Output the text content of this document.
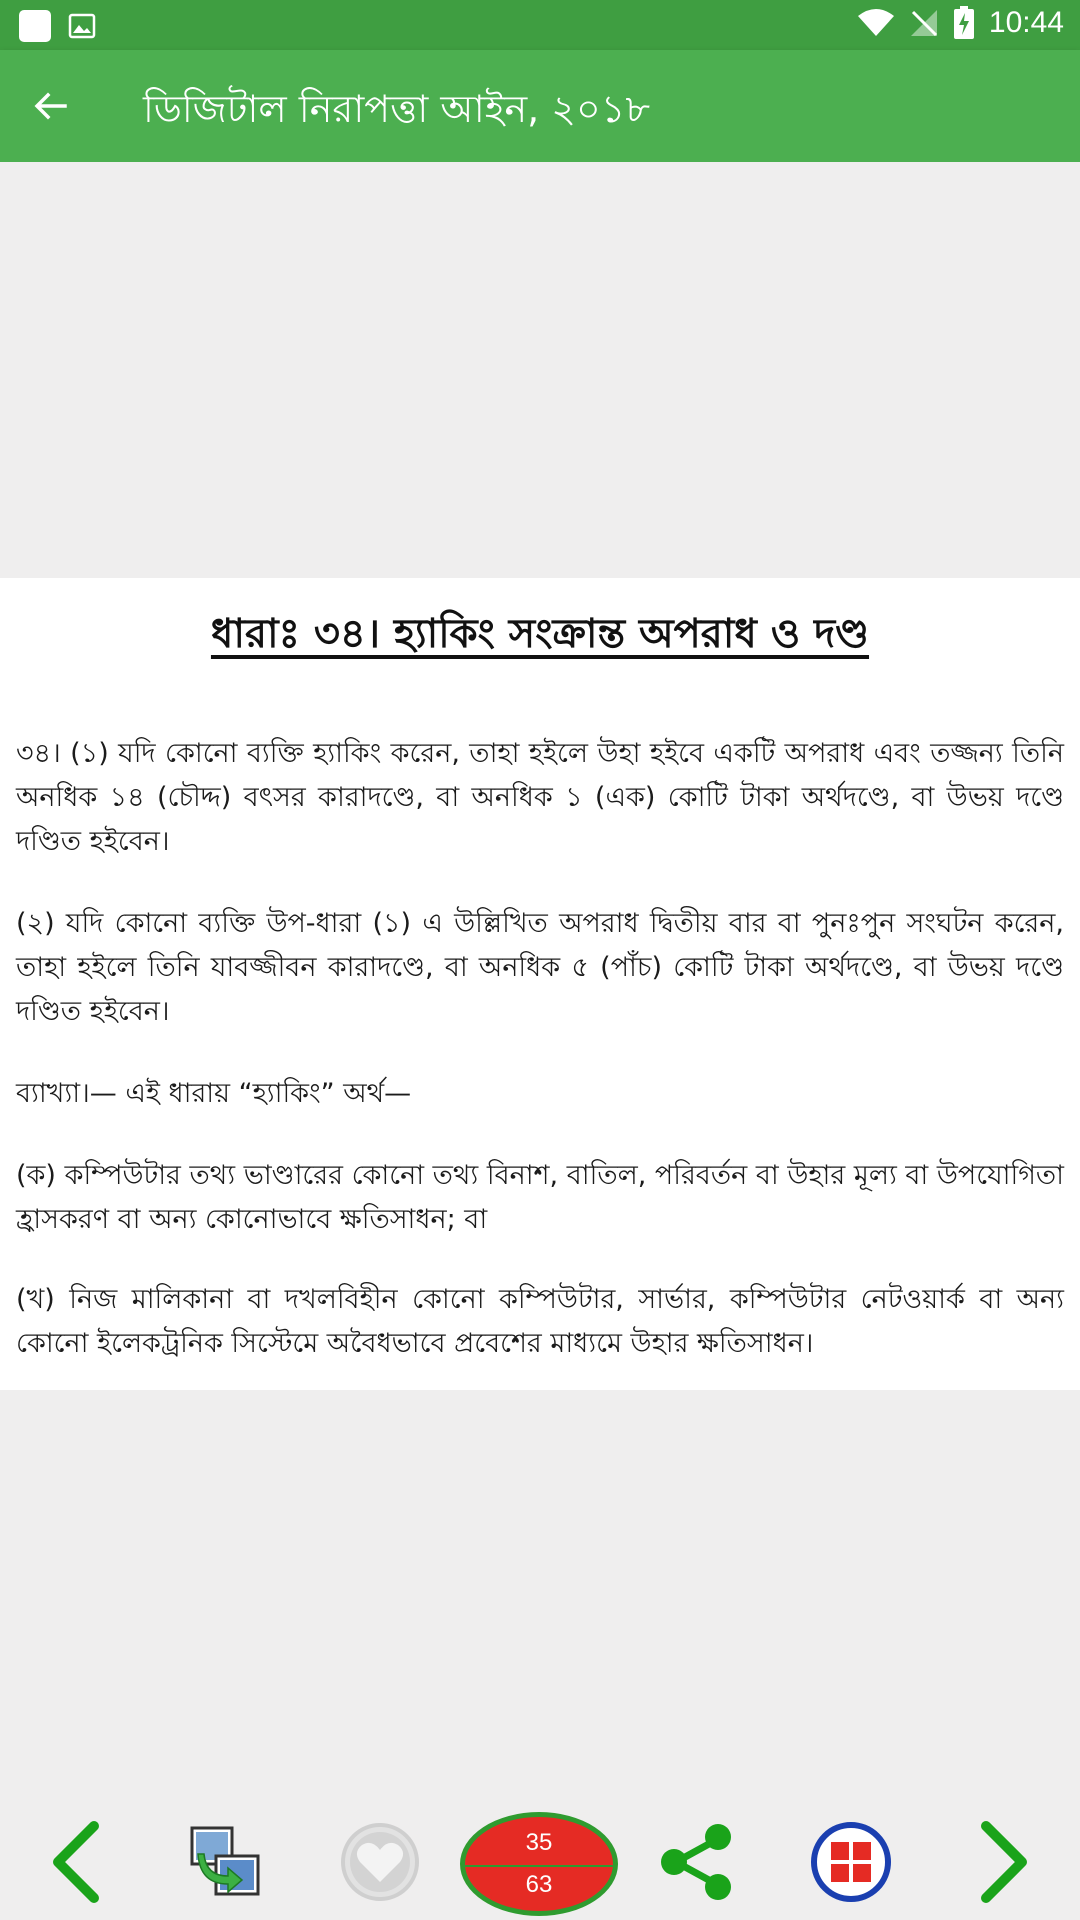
10:44
ডিজিটাল নিরাপত্তা আইন, ২০১৮
ধারাঃ ৩৪। হ্যাকিং সংক্রান্ত অপরাধ ও দণ্ড

৩৪। (১) যদি কোনো ব্যক্তি হ্যাকিং করেন, তাহা হইলে উহা হইবে একটি অপরাধ এবং তজ্জন্য তিনি অনধিক ১৪ (চৌদ্দ) বৎসর কারাদণ্ডে, বা অনধিক ১ (এক) কোটি টাকা অর্থদণ্ডে, বা উভয় দণ্ডে দণ্ডিত হইবেন।

(২) যদি কোনো ব্যক্তি উপ-ধারা (১) এ উল্লিখিত অপরাধ দ্বিতীয় বার বা পুনঃপুন সংঘটন করেন, তাহা হইলে তিনি যাবজ্জীবন কারাদণ্ডে, বা অনধিক ৫ (পাঁচ) কোটি টাকা অর্থদণ্ডে, বা উভয় দণ্ডে দণ্ডিত হইবেন।

ব্যাখ্যা।— এই ধারায় “হ্যাকিং” অর্থ—

(ক) কম্পিউটার তথ্য ভাণ্ডারের কোনো তথ্য বিনাশ, বাতিল, পরিবর্তন বা উহার মূল্য বা উপযোগিতা হ্রাসকরণ বা অন্য কোনোভাবে ক্ষতিসাধন; বা

(খ) নিজ মালিকানা বা দখলবিহীন কোনো কম্পিউটার, সার্ভার, কম্পিউটার নেটওয়ার্ক বা অন্য কোনো ইলেকট্রনিক সিস্টেমে অবৈধভাবে প্রবেশের মাধ্যমে উহার ক্ষতিসাধন।

35
63
